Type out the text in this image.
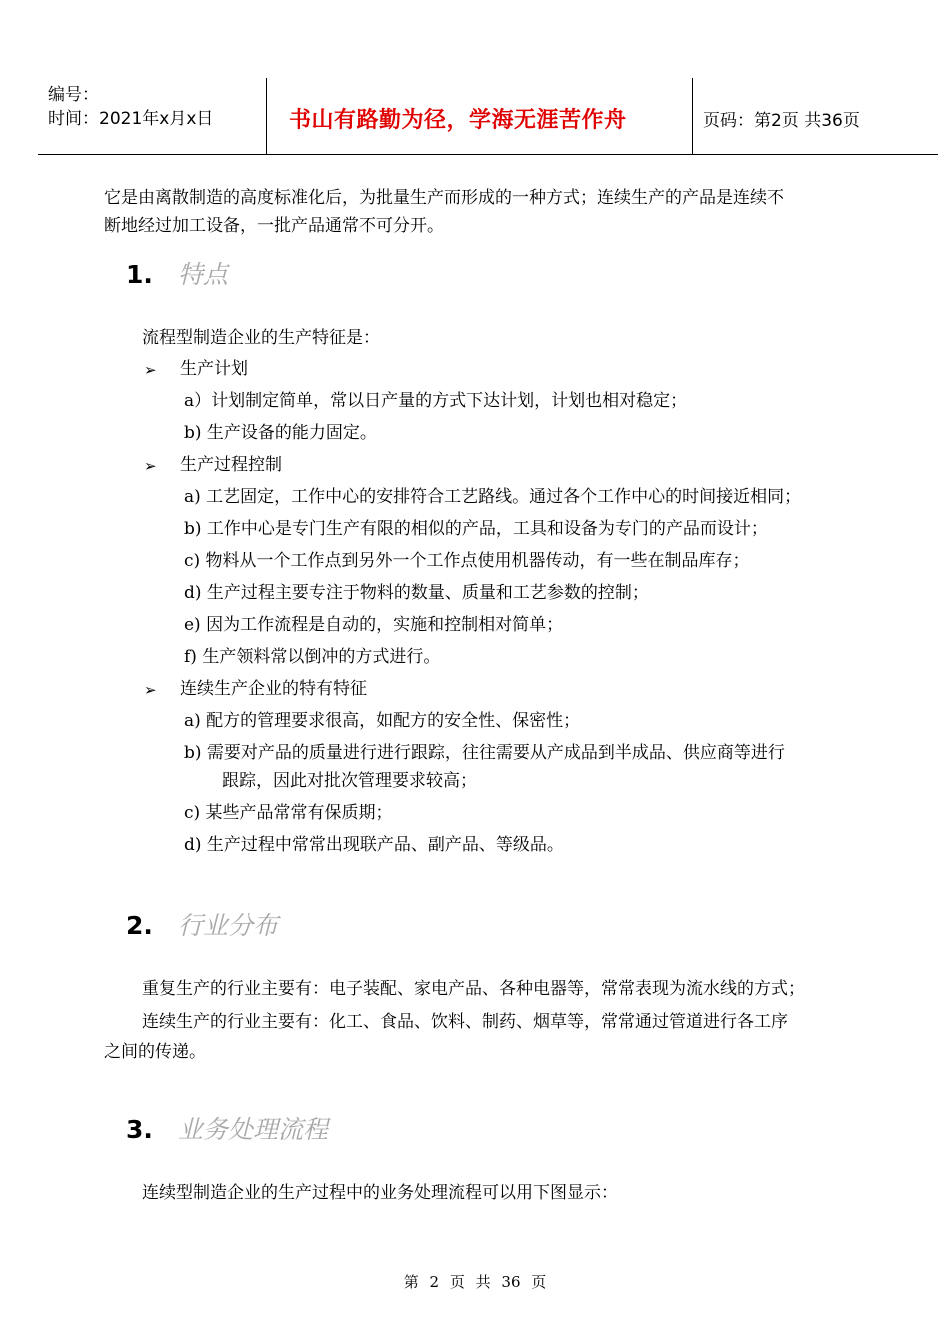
编号：
时间：2021年x月x日	书山有路勤为径，学海无涯苦作舟	页码：第2页 共36页
它是由离散制造的高度标准化后，为批量生产而形成的一种方式；连续生产的产品是连续不
断地经过加工设备，一批产品通常不可分开。
1. 特点
流程型制造企业的生产特征是：
➢ 生产计划
a）计划制定简单，常以日产量的方式下达计划，计划也相对稳定；
b) 生产设备的能力固定。
➢ 生产过程控制
a) 工艺固定，工作中心的安排符合工艺路线。通过各个工作中心的时间接近相同；
b) 工作中心是专门生产有限的相似的产品，工具和设备为专门的产品而设计；
c) 物料从一个工作点到另外一个工作点使用机器传动，有一些在制品库存；
d) 生产过程主要专注于物料的数量、质量和工艺参数的控制；
e) 因为工作流程是自动的，实施和控制相对简单；
f) 生产领料常以倒冲的方式进行。
➢ 连续生产企业的特有特征
a) 配方的管理要求很高，如配方的安全性、保密性；
b) 需要对产品的质量进行进行跟踪，往往需要从产成品到半成品、供应商等进行
跟踪，因此对批次管理要求较高；
c) 某些产品常常有保质期；
d) 生产过程中常常出现联产品、副产品、等级品。
2. 行业分布
重复生产的行业主要有：电子装配、家电产品、各种电器等，常常表现为流水线的方式；
连续生产的行业主要有：化工、食品、饮料、制药、烟草等，常常通过管道进行各工序
之间的传递。
3. 业务处理流程
连续型制造企业的生产过程中的业务处理流程可以用下图显示：
第 2 页 共 36 页
